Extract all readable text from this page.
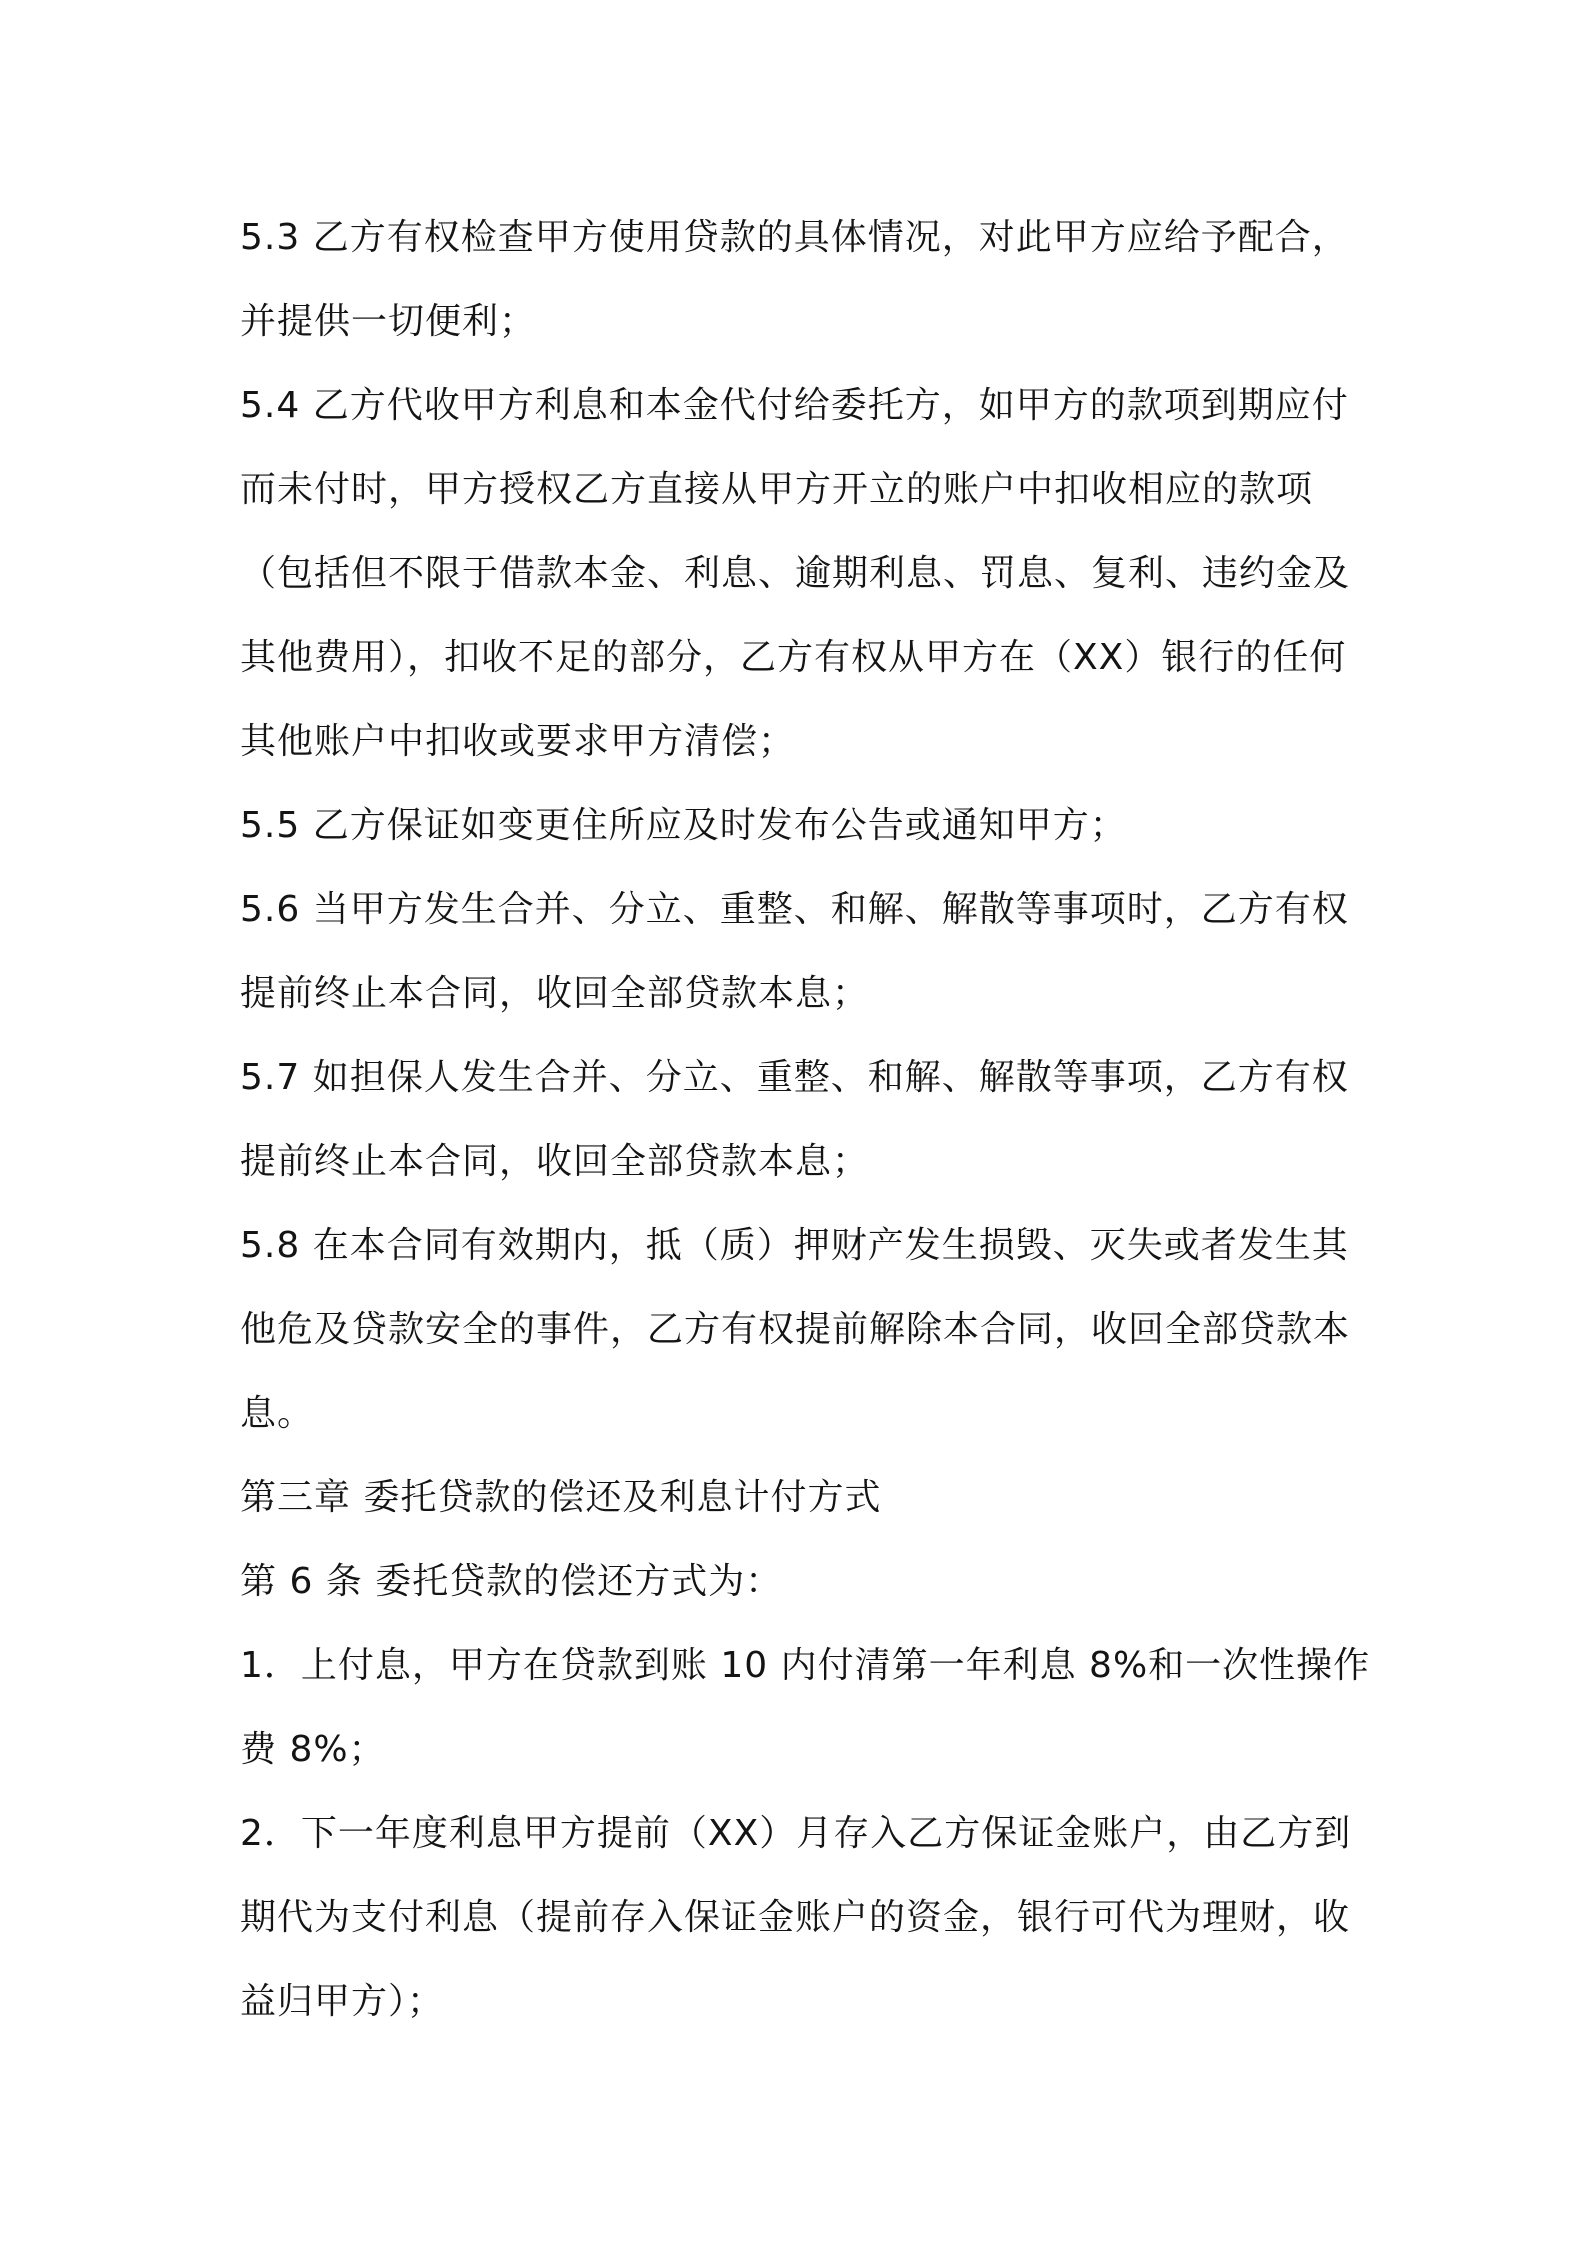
5.3 乙方有权检查甲方使用贷款的具体情况，对此甲方应给予配合，
并提供一切便利；
5.4 乙方代收甲方利息和本金代付给委托方，如甲方的款项到期应付
而未付时，甲方授权乙方直接从甲方开立的账户中扣收相应的款项
（包括但不限于借款本金、利息、逾期利息、罚息、复利、违约金及
其他费用），扣收不足的部分，乙方有权从甲方在（XX）银行的任何
其他账户中扣收或要求甲方清偿；
5.5 乙方保证如变更住所应及时发布公告或通知甲方；
5.6 当甲方发生合并、分立、重整、和解、解散等事项时，乙方有权
提前终止本合同，收回全部贷款本息；
5.7 如担保人发生合并、分立、重整、和解、解散等事项，乙方有权
提前终止本合同，收回全部贷款本息；
5.8 在本合同有效期内，抵（质）押财产发生损毁、灭失或者发生其
他危及贷款安全的事件，乙方有权提前解除本合同，收回全部贷款本
息。
第三章 委托贷款的偿还及利息计付方式
第 6 条 委托贷款的偿还方式为：
1．上付息，甲方在贷款到账 10 内付清第一年利息 8%和一次性操作
费 8%；
2．下一年度利息甲方提前（XX）月存入乙方保证金账户，由乙方到
期代为支付利息（提前存入保证金账户的资金，银行可代为理财，收
益归甲方）；
